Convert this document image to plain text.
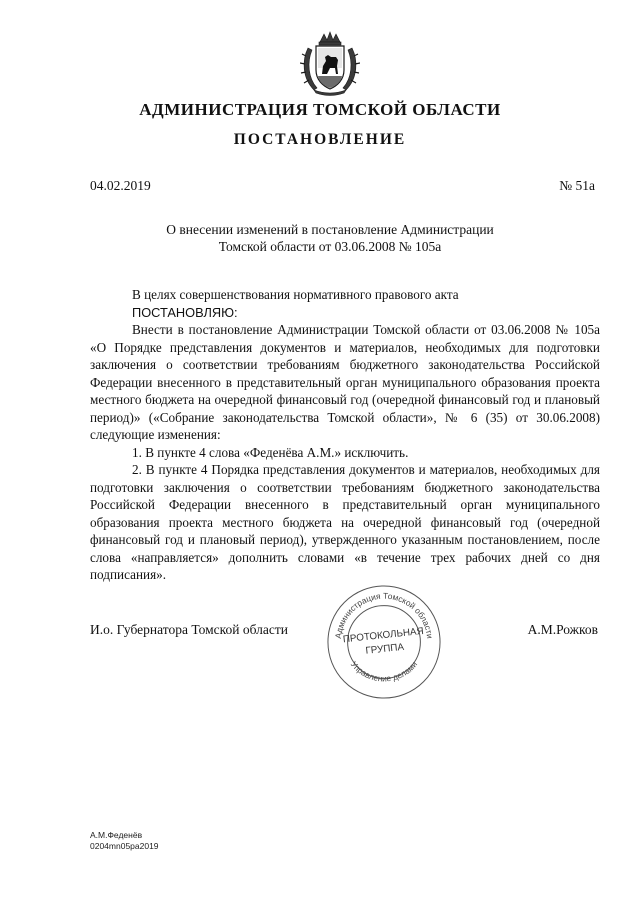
АДМИНИСТРАЦИЯ ТОМСКОЙ ОБЛАСТИ
ПОСТАНОВЛЕНИЕ
04.02.2019	№ 51а
О внесении изменений в постановление Администрации
Томской области от 03.06.2008 № 105а

В целях совершенствования нормативного правового акта

ПОСТАНОВЛЯЮ:

Внести в постановление Администрации Томской области от 03.06.2008 № 105а «О Порядке представления документов и материалов, необходимых для подготовки заключения о соответствии требованиям бюджетного законодательства Российской Федерации внесенного в представительный орган муниципального образования проекта местного бюджета на очередной финансовый год (очередной финансовый год и плановый период)» («Собрание законодательства Томской области», № 6 (35) от 30.06.2008) следующие изменения:

1. В пункте 4 слова «Феденёва А.М.» исключить.

2. В пункте 4 Порядка представления документов и материалов, необходимых для подготовки заключения о соответствии требованиям бюджетного законодательства Российской Федерации внесенного в представительный орган муниципального образования проекта местного бюджета на очередной финансовый год (очередной финансовый год и плановый период), утвержденного указанным постановлением, после слова «направляется» дополнить словами «в течение трех рабочих дней со дня подписания».

И.о. Губернатора Томской области	А.М.Рожков
Администрация Томской области
Управление делами
ПРОТОКОЛЬНАЯ
ГРУППА
А.М.Феденёв
0204mn05pa2019
